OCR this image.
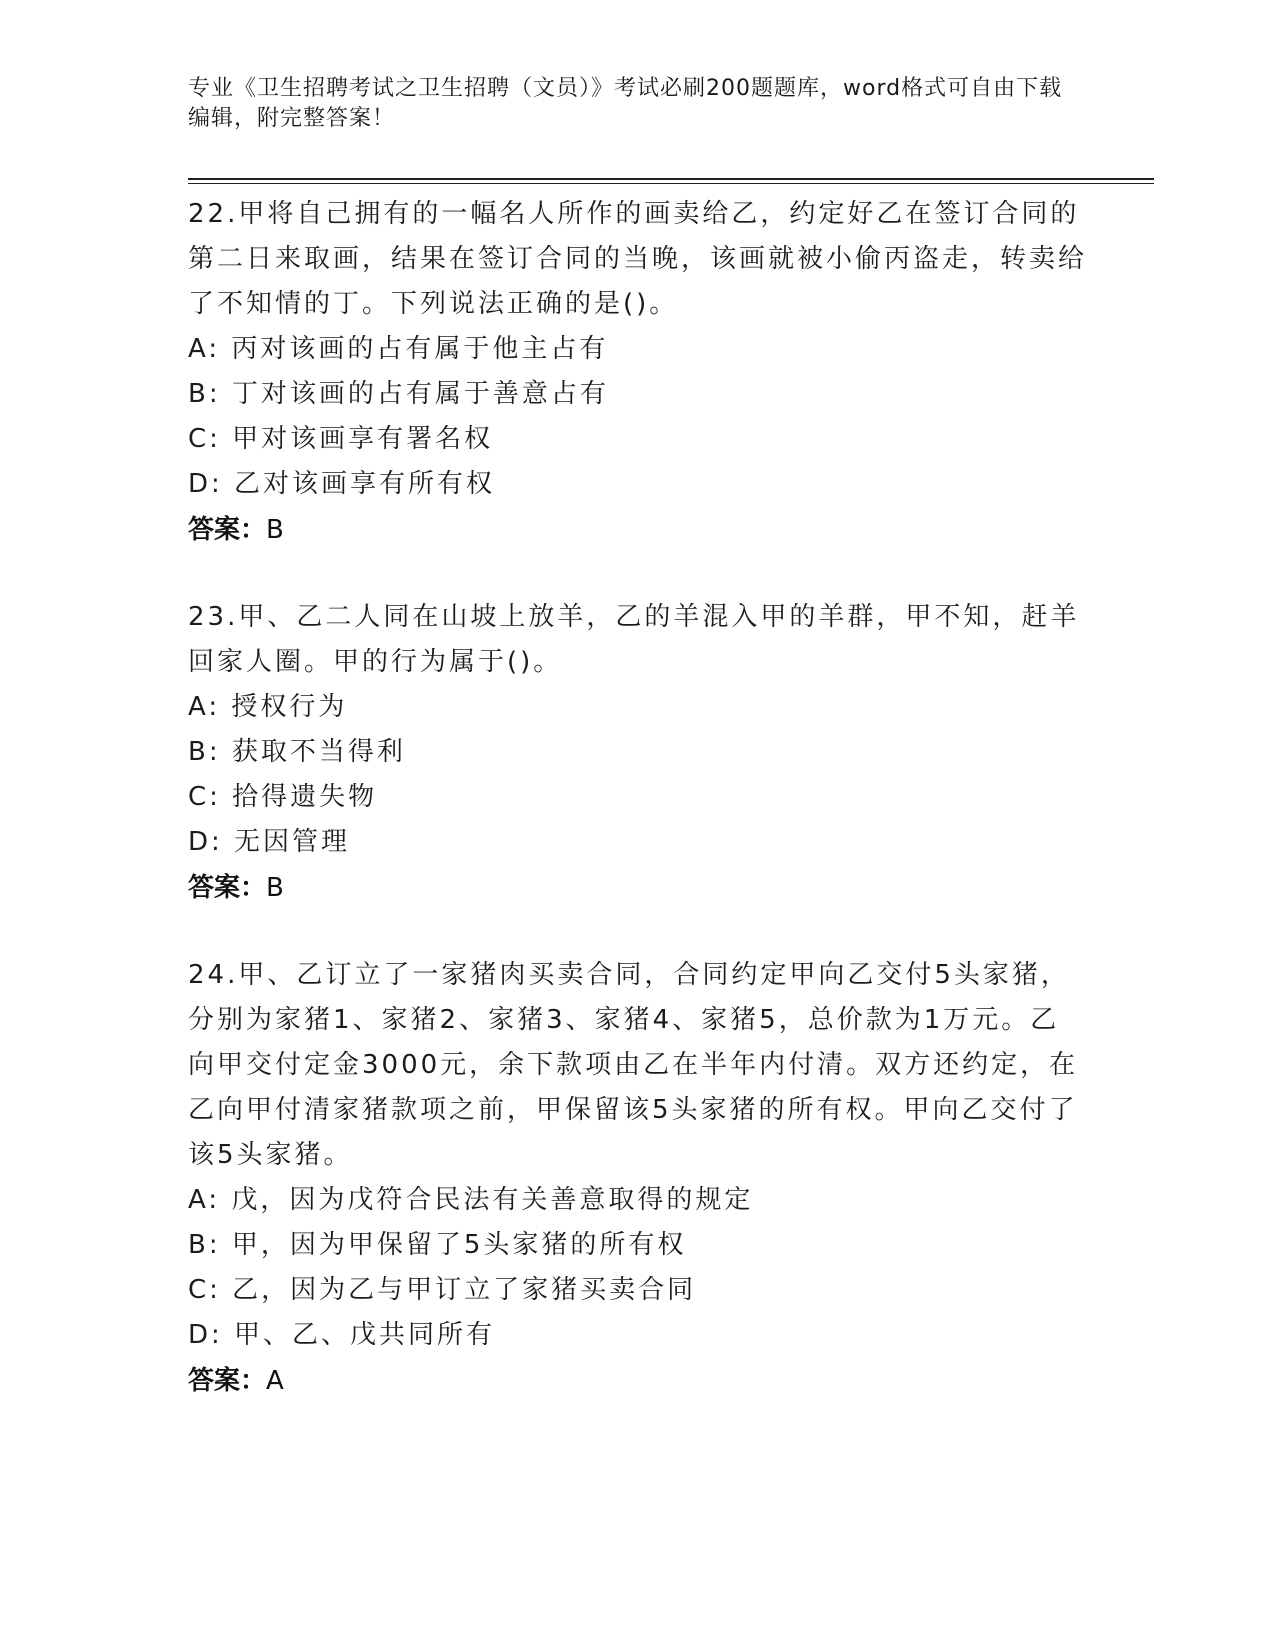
专业《卫生招聘考试之卫生招聘（文员）》考试必刷200题题库，word格式可自由下载编辑，附完整答案！
22.甲将自己拥有的一幅名人所作的画卖给乙，约定好乙在签订合同的第二日来取画，结果在签订合同的当晚，该画就被小偷丙盗走，转卖给了不知情的丁。下列说法正确的是()。
A: 丙对该画的占有属于他主占有
B: 丁对该画的占有属于善意占有
C: 甲对该画享有署名权
D: 乙对该画享有所有权
答案：B
23.甲、乙二人同在山坡上放羊，乙的羊混入甲的羊群，甲不知，赶羊回家人圈。甲的行为属于()。
A: 授权行为
B: 获取不当得利
C: 拾得遗失物
D: 无因管理
答案：B
24.甲、乙订立了一家猪肉买卖合同，合同约定甲向乙交付5头家猪，分别为家猪1、家猪2、家猪3、家猪4、家猪5，总价款为1万元。乙向甲交付定金3000元，余下款项由乙在半年内付清。双方还约定，在乙向甲付清家猪款项之前，甲保留该5头家猪的所有权。甲向乙交付了该5头家猪。
A: 戊，因为戊符合民法有关善意取得的规定
B: 甲，因为甲保留了5头家猪的所有权
C: 乙，因为乙与甲订立了家猪买卖合同
D: 甲、乙、戊共同所有
答案：A
